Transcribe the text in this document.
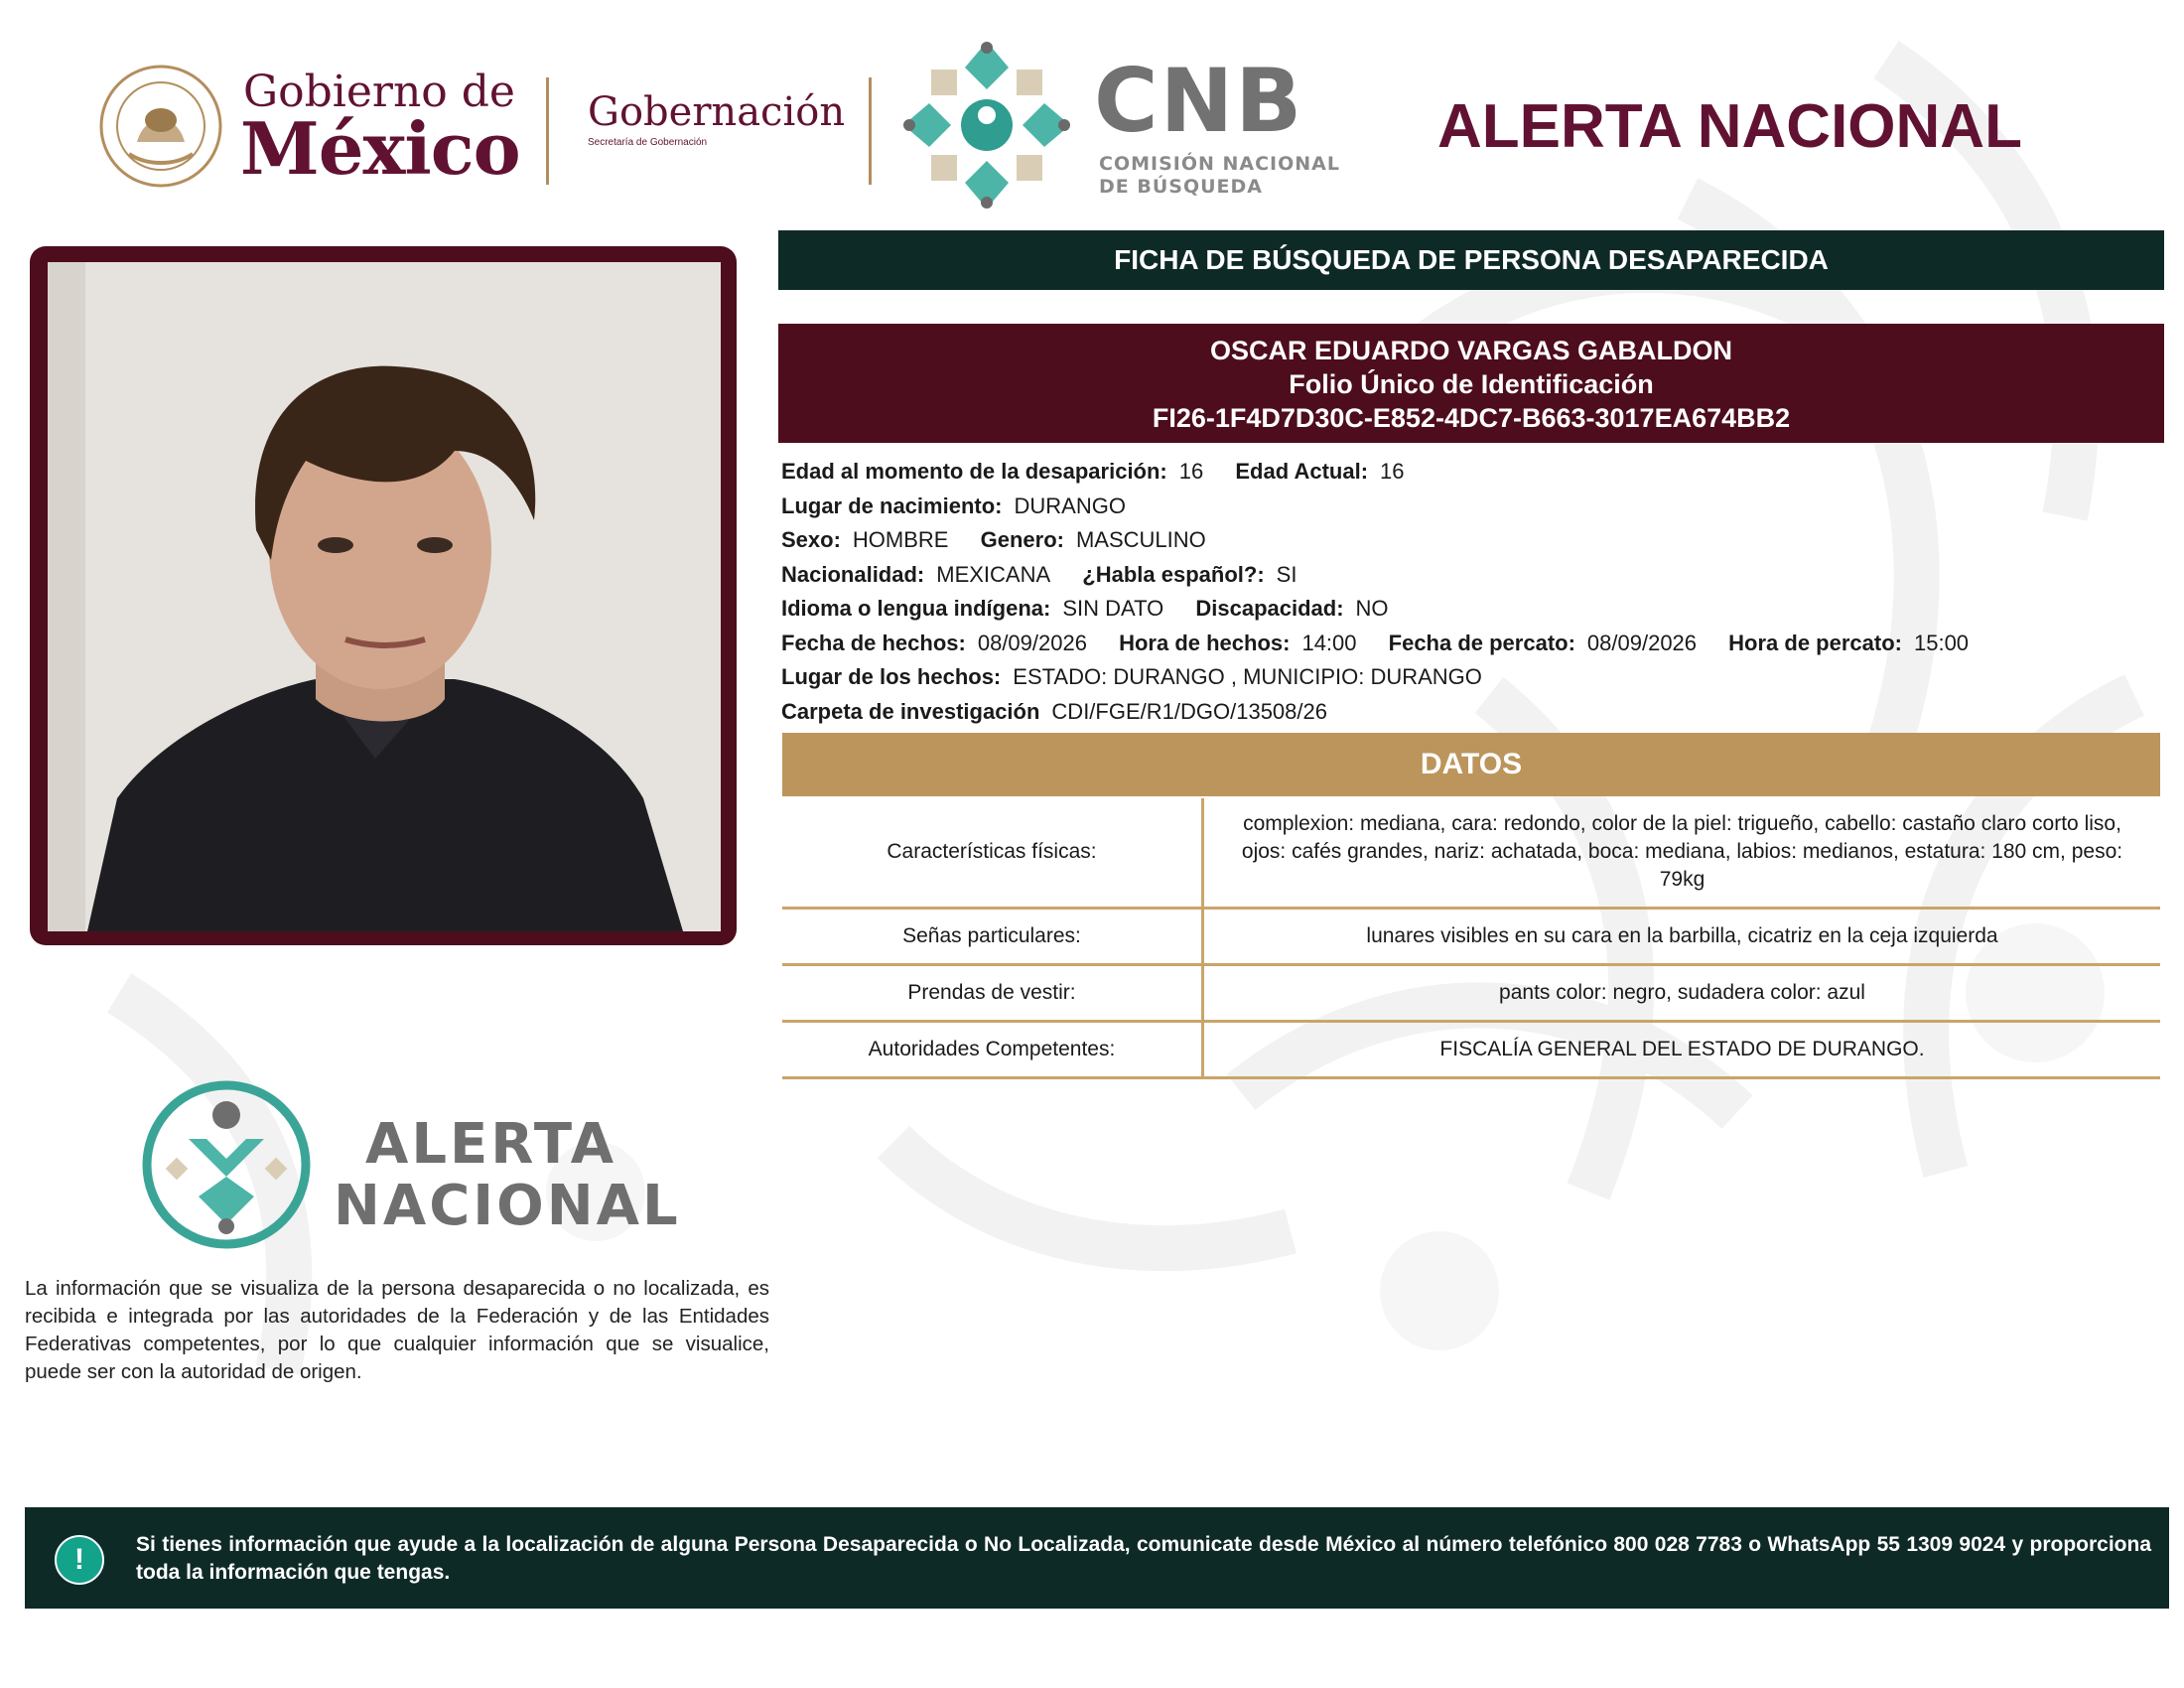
Gobierno de
México Gobernación
Secretaría de Gobernación	CNB
COMISIÓN NACIONAL
DE BÚSQUEDA
ALERTA NACIONAL
FICHA DE BÚSQUEDA DE PERSONA DESAPARECIDA
OSCAR EDUARDO VARGAS GABALDON
Folio Único de Identificación
FI26-1F4D7D30C-E852-4DC7-B663-3017EA674BB2
Edad al momento de la desaparición: 16 Edad Actual: 16
Lugar de nacimiento: DURANGO
Sexo: HOMBRE Genero: MASCULINO
Nacionalidad: MEXICANA ¿Habla español?: SI
Idioma o lengua indígena: SIN DATO Discapacidad: NO
Fecha de hechos: 08/09/2026 Hora de hechos: 14:00 Fecha de percato: 08/09/2026 Hora de percato: 15:00
Lugar de los hechos: ESTADO: DURANGO , MUNICIPIO: DURANGO
Carpeta de investigación CDI/FGE/R1/DGO/13508/26
DATOS
Características físicas:	complexion: mediana, cara: redondo, color de la piel: trigueño, cabello: castaño claro corto liso, ojos: cafés grandes, nariz: achatada, boca: mediana, labios: medianos, estatura: 180 cm, peso: 79kg
Señas particulares:	lunares visibles en su cara en la barbilla, cicatriz en la ceja izquierda
Prendas de vestir:	pants color: negro, sudadera color: azul
Autoridades Competentes:	FISCALÍA GENERAL DEL ESTADO DE DURANGO.
ALERTA
NACIONAL
La información que se visualiza de la persona desaparecida o no localizada, es recibida e integrada por las autoridades de la Federación y de las Entidades Federativas competentes, por lo que cualquier información que se visualice, puede ser con la autoridad de origen.
!	Si tienes información que ayude a la localización de alguna Persona Desaparecida o No Localizada, comunicate desde México al número telefónico 800 028 7783 o WhatsApp 55 1309 9024 y proporciona toda la información que tengas.
